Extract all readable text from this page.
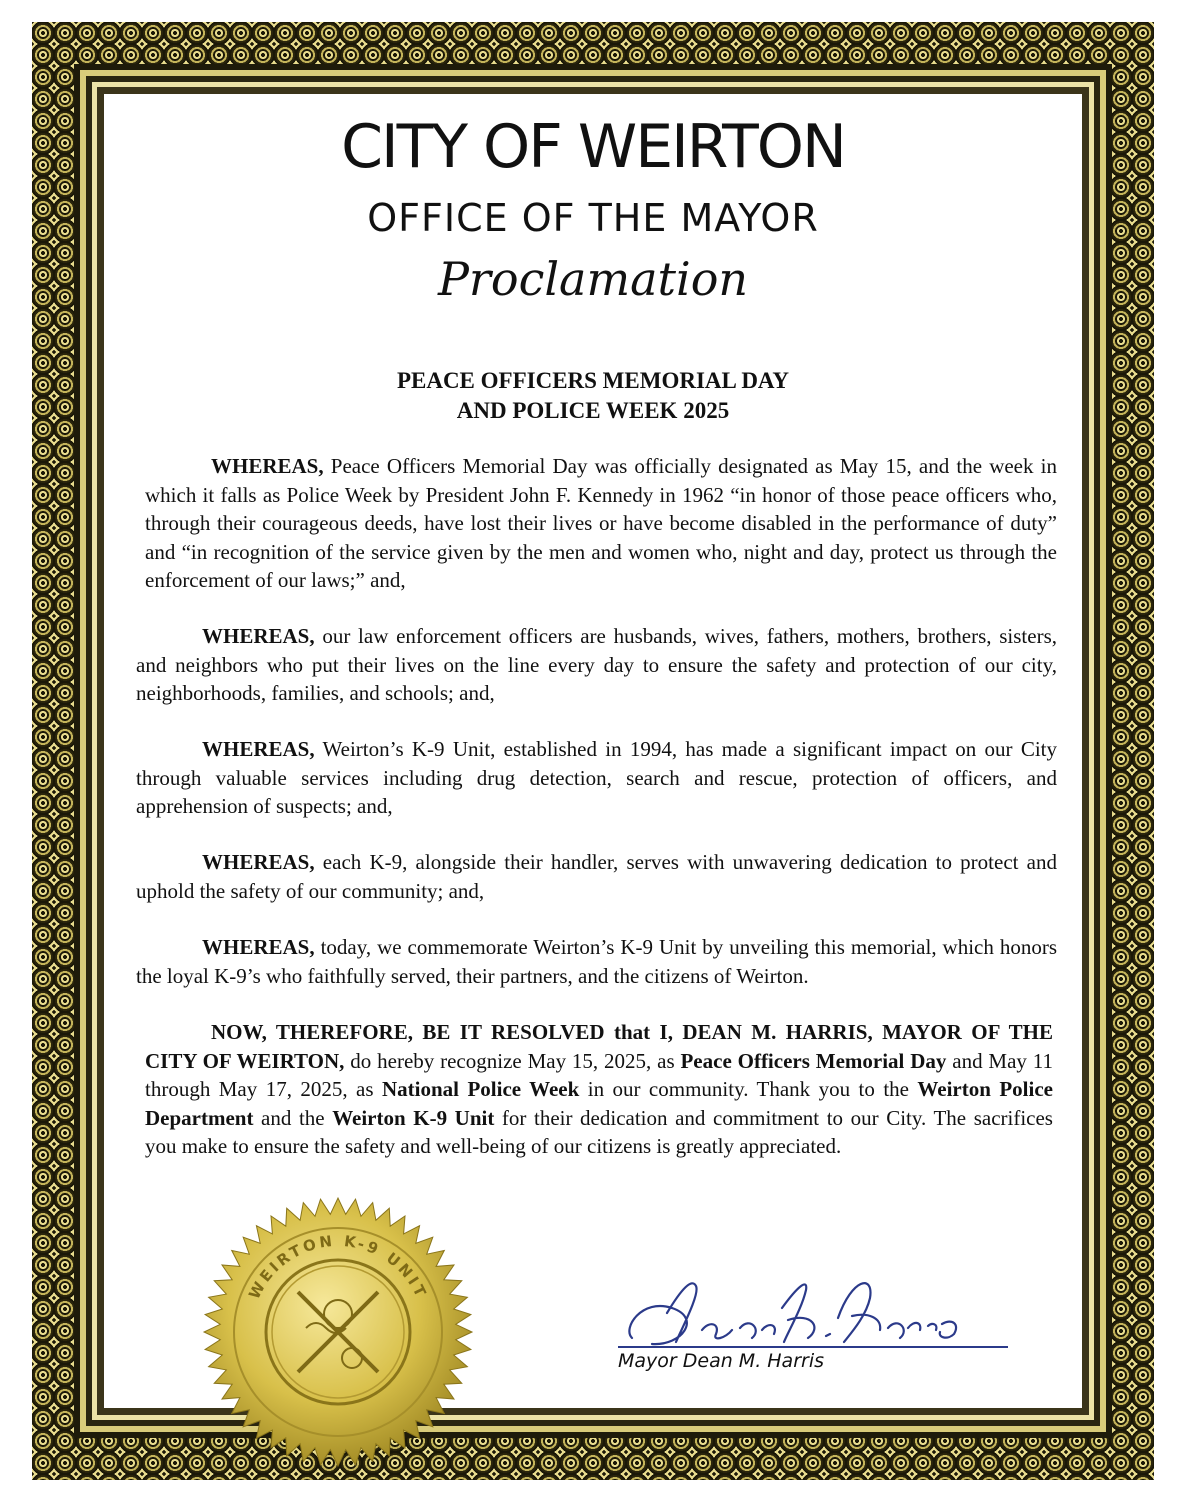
CITY OF WEIRTON
OFFICE OF THE MAYOR
Proclamation
PEACE OFFICERS MEMORIAL DAY
AND POLICE WEEK 2025
WHEREAS, Peace Officers Memorial Day was officially designated as May 15, and the week in which it falls as Police Week by President John F. Kennedy in 1962 “in honor of those peace officers who, through their courageous deeds, have lost their lives or have become disabled in the performance of duty” and “in recognition of the service given by the men and women who, night and day, protect us through the enforcement of our laws;” and,
WHEREAS, our law enforcement officers are husbands, wives, fathers, mothers, brothers, sisters, and neighbors who put their lives on the line every day to ensure the safety and protection of our city, neighborhoods, families, and schools; and,
WHEREAS, Weirton’s K-9 Unit, established in 1994, has made a significant impact on our City through valuable services including drug detection, search and rescue, protection of officers, and apprehension of suspects; and,
WHEREAS, each K-9, alongside their handler, serves with unwavering dedication to protect and uphold the safety of our community; and,
WHEREAS, today, we commemorate Weirton’s K-9 Unit by unveiling this memorial, which honors the loyal K-9’s who faithfully served, their partners, and the citizens of Weirton.
NOW, THEREFORE, BE IT RESOLVED that I, DEAN M. HARRIS, MAYOR OF THE CITY OF WEIRTON, do hereby recognize May 15, 2025, as Peace Officers Memorial Day and May 11 through May 17, 2025, as National Police Week in our community. Thank you to the Weirton Police Department and the Weirton K-9 Unit for their dedication and commitment to our City. The sacrifices you make to ensure the safety and well-being of our citizens is greatly appreciated.
WEIRTON K-9 UNIT
Mayor Dean M. Harris
